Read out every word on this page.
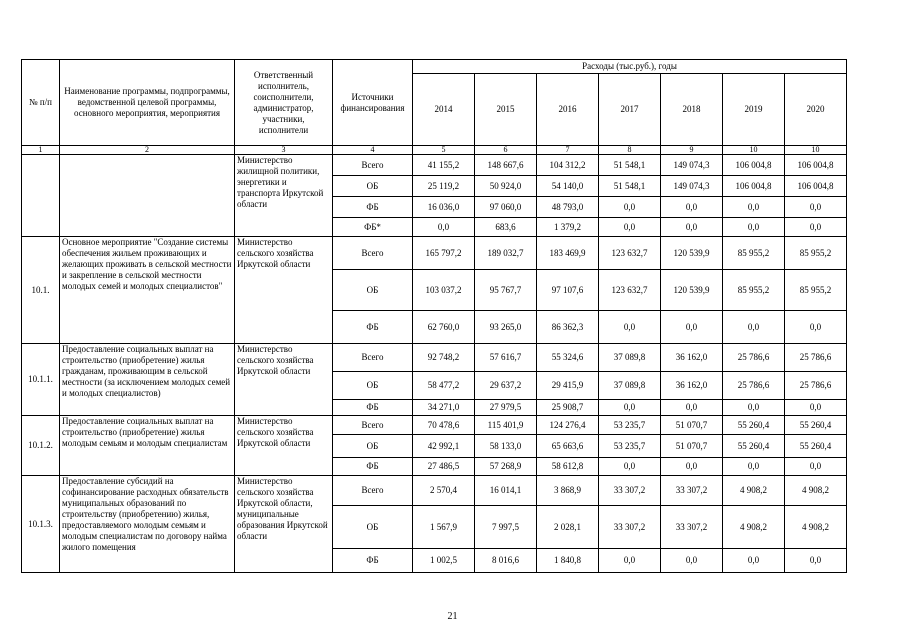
№ п/п	Наименование программы, подпрограммы, ведомственной целевой программы, основного мероприятия, мероприятия	Ответственный исполнитель, соисполнители, администратор, участники, исполнители	Источники финансирования	Расходы (тыс.руб.), годы						
				2014	2015	2016	2017	2018	2019	2020
1	2	3	4	5	6	7	8	9	10	10
		Министерство жилищной политики, энергетики и транспорта Иркутской области	Всего	41 155,2	148 667,6	104 312,2	51 548,1	149 074,3	106 004,8	106 004,8
			ОБ	25 119,2	50 924,0	54 140,0	51 548,1	149 074,3	106 004,8	106 004,8
			ФБ	16 036,0	97 060,0	48 793,0	0,0	0,0	0,0	0,0
			ФБ*	0,0	683,6	1 379,2	0,0	0,0	0,0	0,0
10.1.	Основное мероприятие "Создание системы обеспечения жильем проживающих и желающих проживать в сельской местности и закрепление в сельской местности молодых семей и молодых специалистов"	Министерство сельского хозяйства Иркутской области	Всего	165 797,2	189 032,7	183 469,9	123 632,7	120 539,9	85 955,2	85 955,2
			ОБ	103 037,2	95 767,7	97 107,6	123 632,7	120 539,9	85 955,2	85 955,2
			ФБ	62 760,0	93 265,0	86 362,3	0,0	0,0	0,0	0,0
10.1.1.	Предоставление социальных выплат на строительство (приобретение) жилья гражданам, проживающим в сельской местности (за исключением молодых семей и молодых специалистов)	Министерство сельского хозяйства Иркутской области	Всего	92 748,2	57 616,7	55 324,6	37 089,8	36 162,0	25 786,6	25 786,6
			ОБ	58 477,2	29 637,2	29 415,9	37 089,8	36 162,0	25 786,6	25 786,6
			ФБ	34 271,0	27 979,5	25 908,7	0,0	0,0	0,0	0,0
10.1.2.	Предоставление социальных выплат на строительство (приобретение) жилья молодым семьям и молодым специалистам	Министерство сельского хозяйства Иркутской области	Всего	70 478,6	115 401,9	124 276,4	53 235,7	51 070,7	55 260,4	55 260,4
			ОБ	42 992,1	58 133,0	65 663,6	53 235,7	51 070,7	55 260,4	55 260,4
			ФБ	27 486,5	57 268,9	58 612,8	0,0	0,0	0,0	0,0
10.1.3.	Предоставление субсидий на софинансирование расходных обязательств муниципальных образований по строительству (приобретению) жилья, предоставляемого молодым семьям и молодым специалистам по договору найма жилого помещения	Министерство сельского хозяйства Иркутской области, муниципальные образования Иркутской области	Всего	2 570,4	16 014,1	3 868,9	33 307,2	33 307,2	4 908,2	4 908,2
			ОБ	1 567,9	7 997,5	2 028,1	33 307,2	33 307,2	4 908,2	4 908,2
			ФБ	1 002,5	8 016,6	1 840,8	0,0	0,0	0,0	0,0
21
